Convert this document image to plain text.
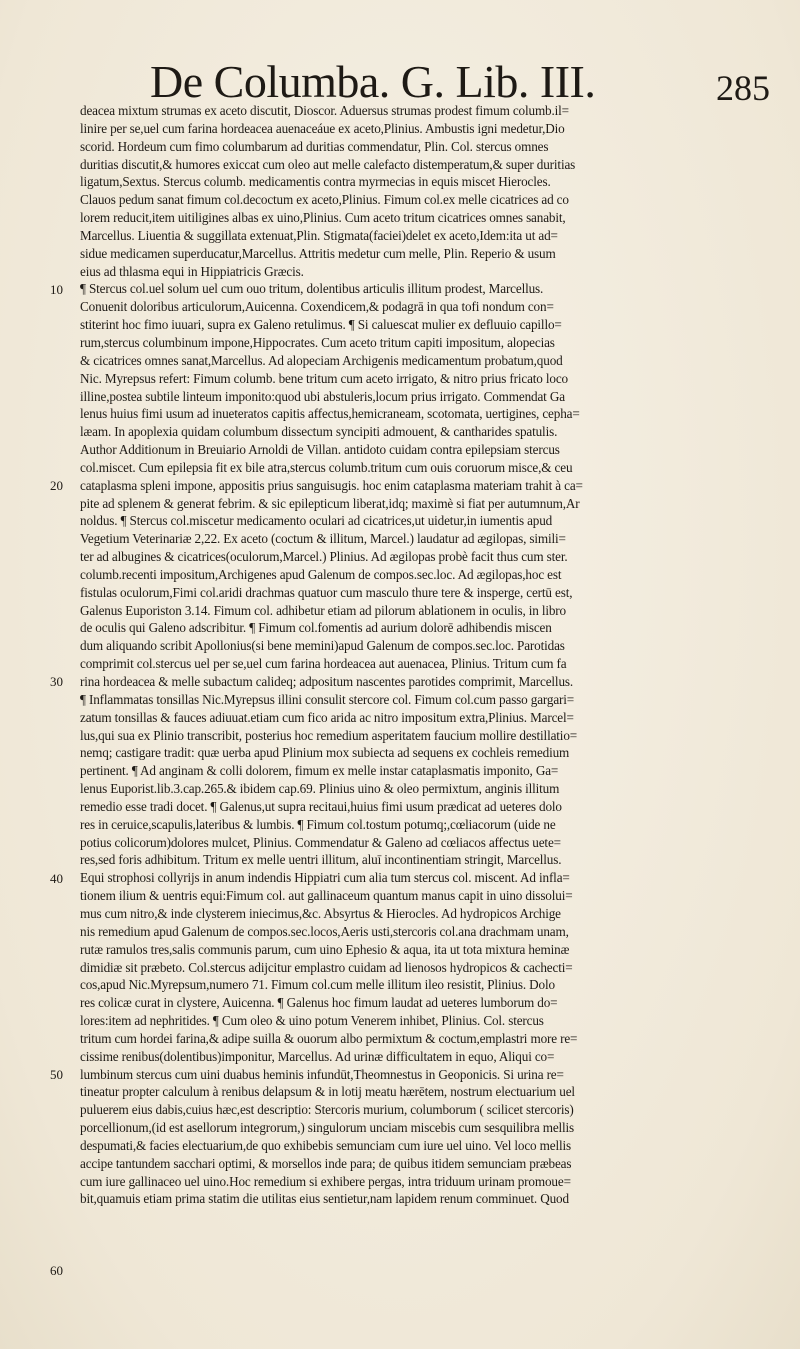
De Columba. G. Lib. III.	285
deacea mixtum strumas ex aceto discutit, Dioscor. Aduersus strumas prodest fimum columb.il=
linire per se,uel cum farina hordeacea auenaceáue ex aceto,Plinius. Ambustis igni medetur,Dio
scorid. Hordeum cum fimo columbarum ad duritias commendatur, Plin. Col. stercus omnes
duritias discutit,& humores exiccat cum oleo aut melle calefacto distemperatum,& super duritias
ligatum,Sextus. Stercus columb. medicamentis contra myrmecias in equis miscet Hierocles.
Clauos pedum sanat fimum col.decoctum ex aceto,Plinius. Fimum col.ex melle cicatrices ad co
lorem reducit,item uitiligines albas ex uino,Plinius. Cum aceto tritum cicatrices omnes sanabit,
Marcellus. Liuentia & suggillata extenuat,Plin. Stigmata(faciei)delet ex aceto,Idem:ita ut ad=
sidue medicamen superducatur,Marcellus. Attritis medetur cum melle, Plin. Reperio & usum
eius ad thlasma equi in Hippiatricis Græcis.
¶ Stercus col.uel solum uel cum ouo tritum, dolentibus articulis illitum prodest, Marcellus.
Conuenit doloribus articulorum,Auicenna. Coxendicem,& podagrā in qua tofi nondum con=
stiterint hoc fimo iuuari, supra ex Galeno retulimus. ¶ Si caluescat mulier ex defluuio capillo=
rum,stercus columbinum impone,Hippocrates. Cum aceto tritum capiti impositum, alopecias
& cicatrices omnes sanat,Marcellus. Ad alopeciam Archigenis medicamentum probatum,quod
Nic. Myrepsus refert: Fimum columb. bene tritum cum aceto irrigato, & nitro prius fricato loco
illine,postea subtile linteum imponito:quod ubi abstuleris,locum prius irrigato. Commendat Ga
lenus huius fimi usum ad inueteratos capitis affectus,hemicraneam, scotomata, uertigines, cepha=
læam. In apoplexia quidam columbum dissectum syncipiti admouent, & cantharides spatulis.
Author Additionum in Breuiario Arnoldi de Villan. antidoto cuidam contra epilepsiam stercus
col.miscet. Cum epilepsia fit ex bile atra,stercus columb.tritum cum ouis coruorum misce,& ceu
cataplasma spleni impone, appositis prius sanguisugis. hoc enim cataplasma materiam trahit à ca=
pite ad splenem & generat febrim. & sic epilepticum liberat,idq; maximè si fiat per autumnum,Ar
noldus. ¶ Stercus col.miscetur medicamento oculari ad cicatrices,ut uidetur,in iumentis apud
Vegetium Veterinariæ 2,22. Ex aceto (coctum & illitum, Marcel.) laudatur ad ægilopas, simili=
ter ad albugines & cicatrices(oculorum,Marcel.) Plinius. Ad ægilopas probè facit thus cum ster.
columb.recenti impositum,Archigenes apud Galenum de compos.sec.loc. Ad ægilopas,hoc est
fistulas oculorum,Fimi col.aridi drachmas quatuor cum masculo thure tere & insperge, certū est,
Galenus Euporiston 3.14. Fimum col. adhibetur etiam ad pilorum ablationem in oculis, in libro
de oculis qui Galeno adscribitur. ¶ Fimum col.fomentis ad aurium dolorē adhibendis miscen
dum aliquando scribit Apollonius(si bene memini)apud Galenum de compos.sec.loc. Parotidas
comprimit col.stercus uel per se,uel cum farina hordeacea aut auenacea, Plinius. Tritum cum fa
rina hordeacea & melle subactum calideq; adpositum nascentes parotides comprimit, Marcellus.
¶ Inflammatas tonsillas Nic.Myrepsus illini consulit stercore col. Fimum col.cum passo gargari=
zatum tonsillas & fauces adiuuat.etiam cum fico arida ac nitro impositum extra,Plinius. Marcel=
lus,qui sua ex Plinio transcribit, posterius hoc remedium asperitatem faucium mollire destillatio=
nemq; castigare tradit: quæ uerba apud Plinium mox subiecta ad sequens ex cochleis remedium
pertinent. ¶ Ad anginam & colli dolorem, fimum ex melle instar cataplasmatis imponito, Ga=
lenus Euporist.lib.3.cap.265.& ibidem cap.69. Plinius uino & oleo permixtum, anginis illitum
remedio esse tradi docet. ¶ Galenus,ut supra recitaui,huius fimi usum prædicat ad ueteres dolo
res in ceruice,scapulis,lateribus & lumbis. ¶ Fimum col.tostum potumq;,cœliacorum (uide ne
potius colicorum)dolores mulcet, Plinius. Commendatur & Galeno ad cœliacos affectus uete=
res,sed foris adhibitum. Tritum ex melle uentri illitum, aluī incontinentiam stringit, Marcellus.
Equi strophosi collyrijs in anum indendis Hippiatri cum alia tum stercus col. miscent. Ad infla=
tionem ilium & uentris equi:Fimum col. aut gallinaceum quantum manus capit in uino dissolui=
mus cum nitro,& inde clysterem iniecimus,&c. Absyrtus & Hierocles. Ad hydropicos Archige
nis remedium apud Galenum de compos.sec.locos,Aeris usti,stercoris col.ana drachmam unam,
rutæ ramulos tres,salis communis parum, cum uino Ephesio & aqua, ita ut tota mixtura heminæ
dimidiæ sit præbeto. Col.stercus adijcitur emplastro cuidam ad lienosos hydropicos & cachecti=
cos,apud Nic.Myrepsum,numero 71. Fimum col.cum melle illitum ileo resistit, Plinius. Dolo
res colicæ curat in clystere, Auicenna. ¶ Galenus hoc fimum laudat ad ueteres lumborum do=
lores:item ad nephritides. ¶ Cum oleo & uino potum Venerem inhibet, Plinius. Col. stercus
tritum cum hordei farina,& adipe suilla & ouorum albo permixtum & coctum,emplastri more re=
cissime renibus(dolentibus)imponitur, Marcellus. Ad urinæ difficultatem in equo, Aliqui co=
lumbinum stercus cum uini duabus heminis infundūt,Theomnestus in Geoponicis. Si urina re=
tineatur propter calculum à renibus delapsum & in lotij meatu hærētem, nostrum electuarium uel
puluerem eius dabis,cuius hæc,est descriptio: Stercoris murium, columborum ( scilicet stercoris)
porcellionum,(id est asellorum integrorum,) singulorum unciam miscebis cum sesquilibra mellis
despumati,& facies electuarium,de quo exhibebis semunciam cum iure uel uino. Vel loco mellis
accipe tantundem sacchari optimi, & morsellos inde para; de quibus itidem semunciam præbeas
cum iure gallinaceo uel uino.Hoc remedium si exhibere pergas, intra triduum urinam promoue=
bit,quamuis etiam prima statim die utilitas eius sentietur,nam lapidem renum comminuet. Quod
10
20
30
40
50
60
